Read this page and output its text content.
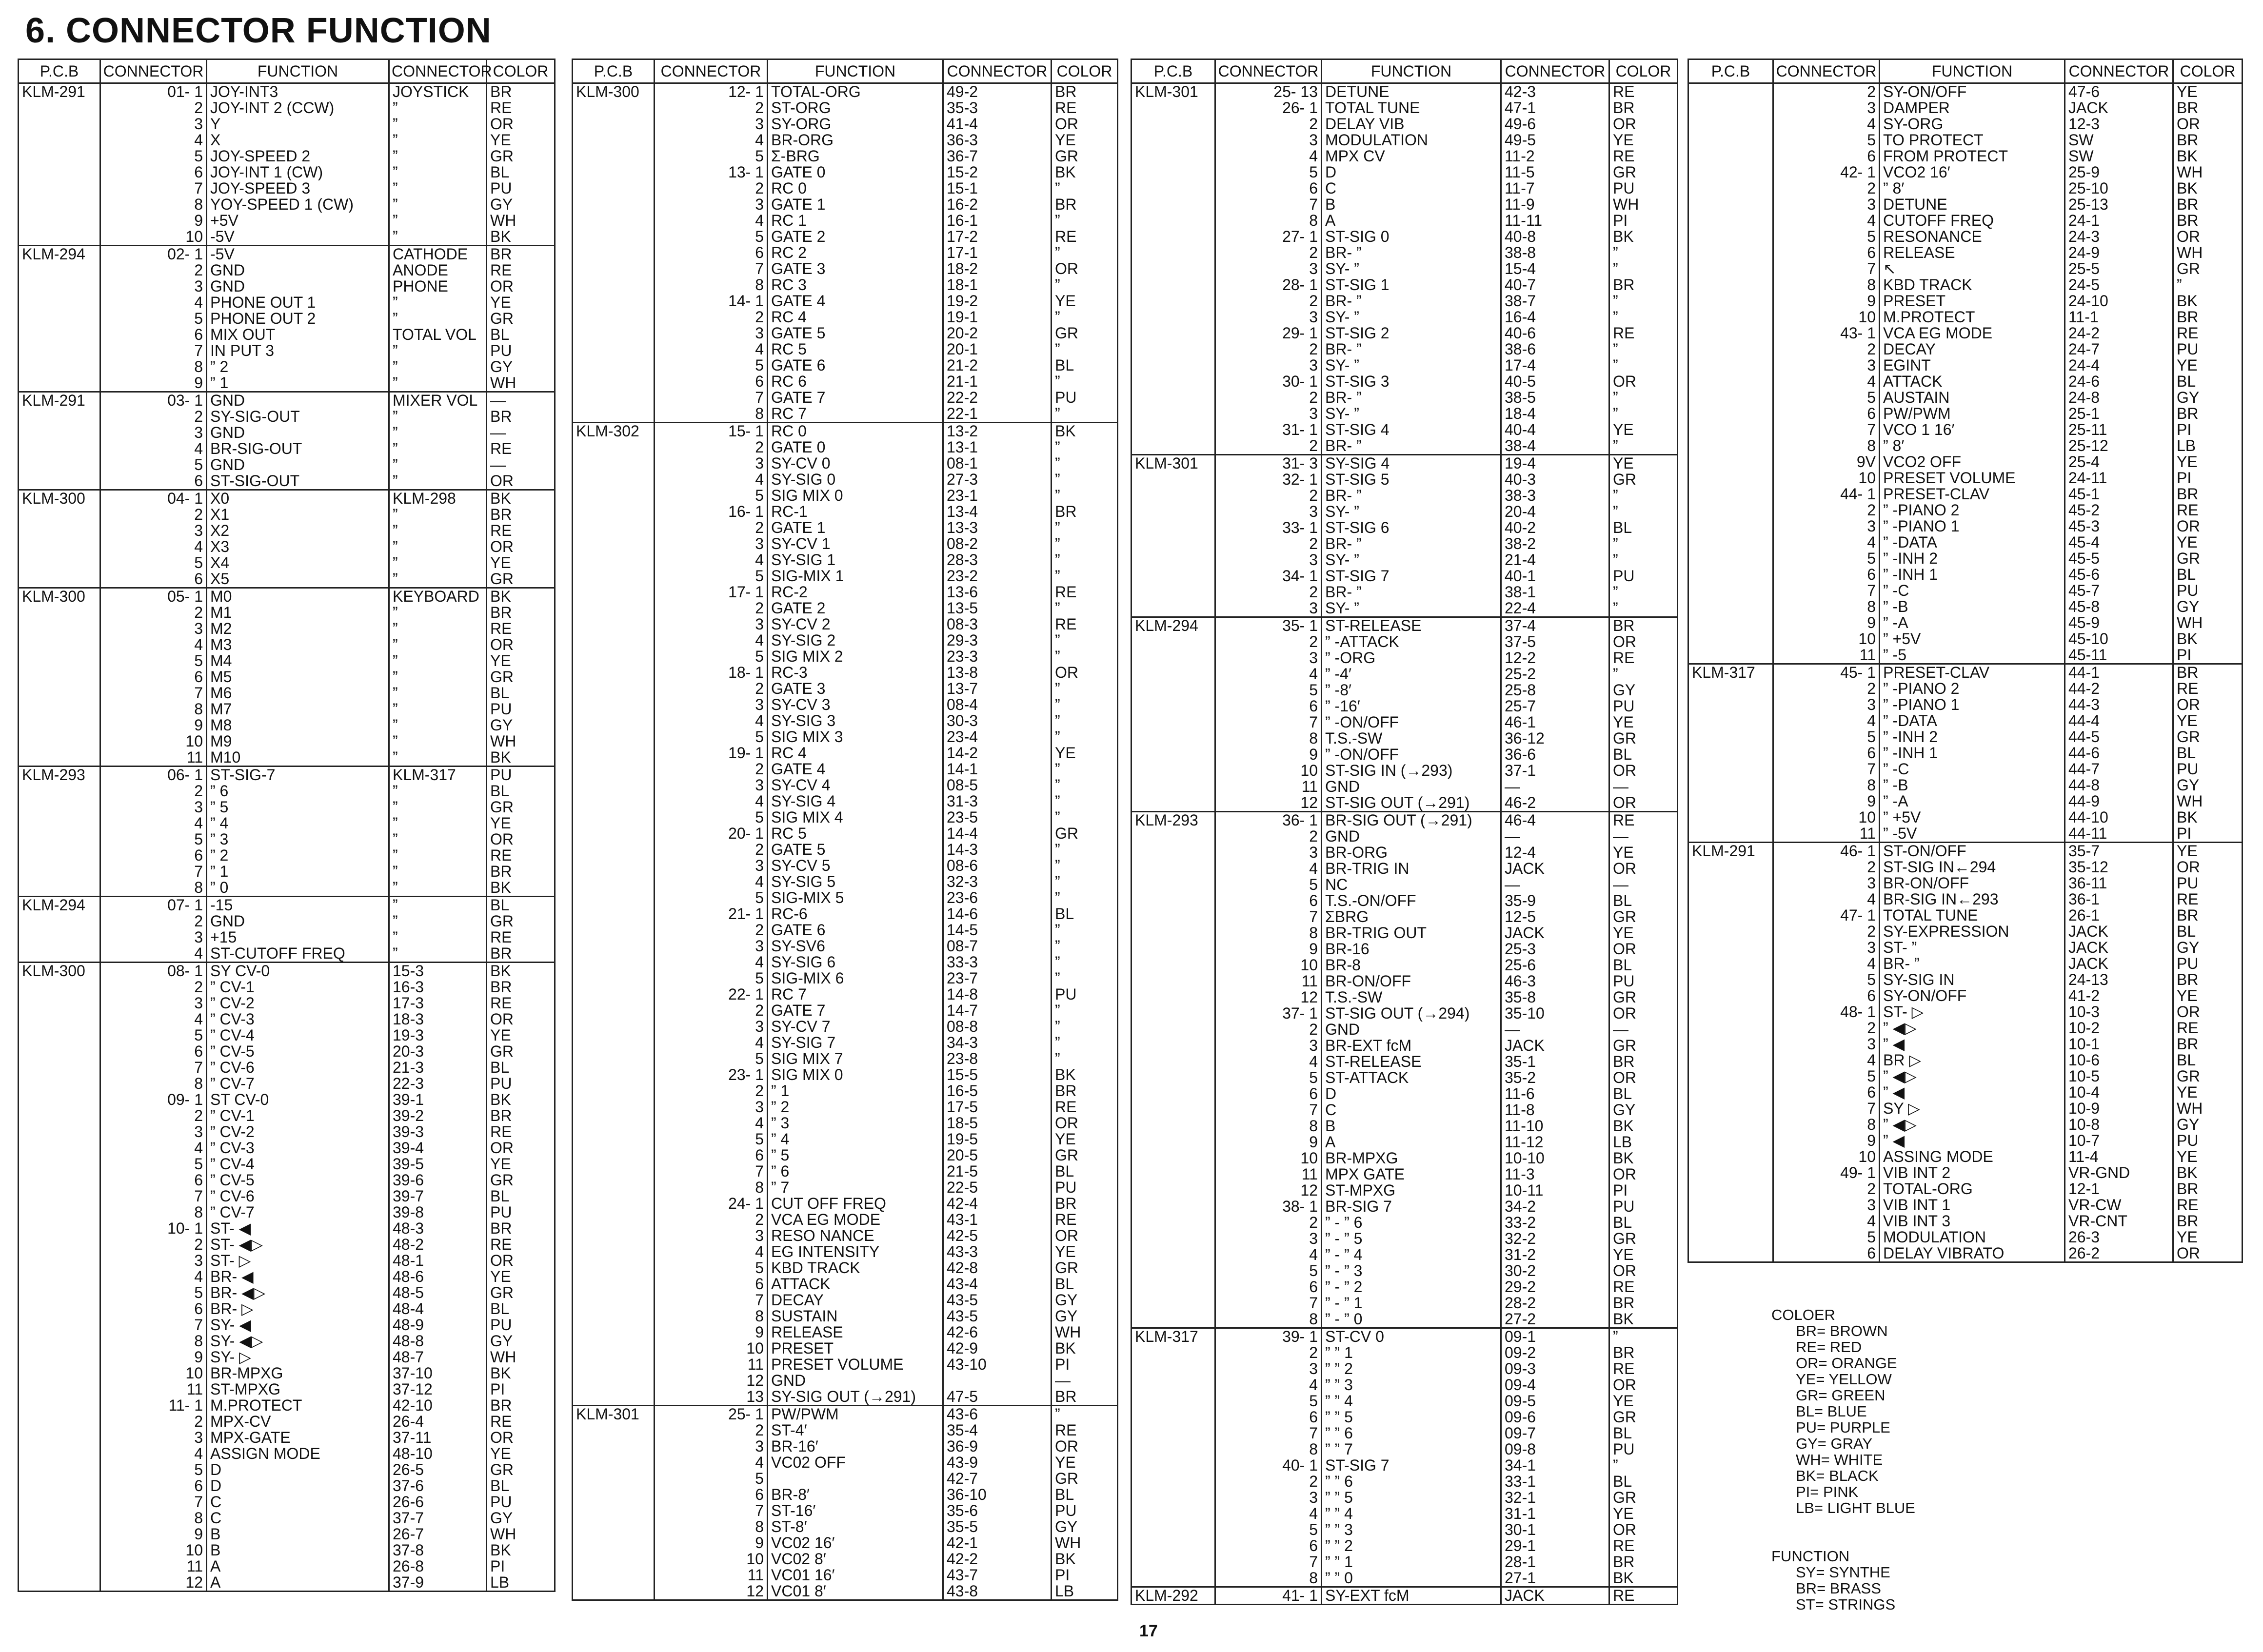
6. CONNECTOR FUNCTION
P.C.B	CONNECTOR	FUNCTION	CONNECTOR	COLOR
KLM-291	01- 1	JOY-INT3	JOYSTICK	BR
	2	JOY-INT 2 (CCW)	”	RE
	3	Y	”	OR
	4	X	”	YE
	5	JOY-SPEED 2	”	GR
	6	JOY-INT 1 (CW)	”	BL
	7	JOY-SPEED 3	”	PU
	8	YOY-SPEED 1 (CW)	”	GY
	9	+5V	”	WH
	10	-5V	”	BK
KLM-294	02- 1	-5V	CATHODE	BR
	2	GND	ANODE	RE
	3	GND	PHONE	OR
	4	PHONE OUT 1	”	YE
	5	PHONE OUT 2	”	GR
	6	MIX OUT	TOTAL VOL	BL
	7	IN PUT 3	”	PU
	8	” 2	”	GY
	9	” 1	”	WH
KLM-291	03- 1	GND	MIXER VOL	—
	2	SY-SIG-OUT	”	BR
	3	GND	”	—
	4	BR-SIG-OUT	”	RE
	5	GND	”	—
	6	ST-SIG-OUT	”	OR
KLM-300	04- 1	X0	KLM-298	BK
	2	X1	”	BR
	3	X2	”	RE
	4	X3	”	OR
	5	X4	”	YE
	6	X5	”	GR
KLM-300	05- 1	M0	KEYBOARD	BK
	2	M1	”	BR
	3	M2	”	RE
	4	M3	”	OR
	5	M4	”	YE
	6	M5	”	GR
	7	M6	”	BL
	8	M7	”	PU
	9	M8	”	GY
	10	M9	”	WH
	11	M10	”	BK
KLM-293	06- 1	ST-SIG-7	KLM-317	PU
	2	” 6	”	BL
	3	” 5	”	GR
	4	” 4	”	YE
	5	” 3	”	OR
	6	” 2	”	RE
	7	” 1	”	BR
	8	” 0	”	BK
KLM-294	07- 1	-15	”	BL
	2	GND	”	GR
	3	+15	”	RE
	4	ST-CUTOFF FREQ	”	BR
KLM-300	08- 1	SY CV-0	15-3	BK
	2	” CV-1	16-3	BR
	3	” CV-2	17-3	RE
	4	” CV-3	18-3	OR
	5	” CV-4	19-3	YE
	6	” CV-5	20-3	GR
	7	” CV-6	21-3	BL
	8	” CV-7	22-3	PU
	09- 1	ST CV-0	39-1	BK
	2	” CV-1	39-2	BR
	3	” CV-2	39-3	RE
	4	” CV-3	39-4	OR
	5	” CV-4	39-5	YE
	6	” CV-5	39-6	GR
	7	” CV-6	39-7	BL
	8	” CV-7	39-8	PU
	10- 1	ST- ◀	48-3	BR
	2	ST- ◀▷	48-2	RE
	3	ST- ▷	48-1	OR
	4	BR- ◀	48-6	YE
	5	BR- ◀▷	48-5	GR
	6	BR- ▷	48-4	BL
	7	SY- ◀	48-9	PU
	8	SY- ◀▷	48-8	GY
	9	SY- ▷	48-7	WH
	10	BR-MPXG	37-10	BK
	11	ST-MPXG	37-12	PI
	11- 1	M.PROTECT	42-10	BR
	2	MPX-CV	26-4	RE
	3	MPX-GATE	37-11	OR
	4	ASSIGN MODE	48-10	YE
	5	D	26-5	GR
	6	D	37-6	BL
	7	C	26-6	PU
	8	C	37-7	GY
	9	B	26-7	WH
	10	B	37-8	BK
	11	A	26-8	PI
	12	A	37-9	LB
P.C.B	CONNECTOR	FUNCTION	CONNECTOR	COLOR
KLM-300	12- 1	TOTAL-ORG	49-2	BR
	2	ST-ORG	35-3	RE
	3	SY-ORG	41-4	OR
	4	BR-ORG	36-3	YE
	5	Σ-BRG	36-7	GR
	13- 1	GATE 0	15-2	BK
	2	RC 0	15-1	”
	3	GATE 1	16-2	BR
	4	RC 1	16-1	”
	5	GATE 2	17-2	RE
	6	RC 2	17-1	”
	7	GATE 3	18-2	OR
	8	RC 3	18-1	”
	14- 1	GATE 4	19-2	YE
	2	RC 4	19-1	”
	3	GATE 5	20-2	GR
	4	RC 5	20-1	”
	5	GATE 6	21-2	BL
	6	RC 6	21-1	”
	7	GATE 7	22-2	PU
	8	RC 7	22-1	”
KLM-302	15- 1	RC 0	13-2	BK
	2	GATE 0	13-1	”
	3	SY-CV 0	08-1	”
	4	SY-SIG 0	27-3	”
	5	SIG MIX 0	23-1	”
	16- 1	RC-1	13-4	BR
	2	GATE 1	13-3	”
	3	SY-CV 1	08-2	”
	4	SY-SIG 1	28-3	”
	5	SIG-MIX 1	23-2	”
	17- 1	RC-2	13-6	RE
	2	GATE 2	13-5	”
	3	SY-CV 2	08-3	RE
	4	SY-SIG 2	29-3	”
	5	SIG MIX 2	23-3	”
	18- 1	RC-3	13-8	OR
	2	GATE 3	13-7	”
	3	SY-CV 3	08-4	”
	4	SY-SIG 3	30-3	”
	5	SIG MIX 3	23-4	”
	19- 1	RC 4	14-2	YE
	2	GATE 4	14-1	”
	3	SY-CV 4	08-5	”
	4	SY-SIG 4	31-3	”
	5	SIG MIX 4	23-5	”
	20- 1	RC 5	14-4	GR
	2	GATE 5	14-3	”
	3	SY-CV 5	08-6	”
	4	SY-SIG 5	32-3	”
	5	SIG-MIX 5	23-6	”
	21- 1	RC-6	14-6	BL
	2	GATE 6	14-5	”
	3	SY-SV6	08-7	”
	4	SY-SIG 6	33-3	”
	5	SIG-MIX 6	23-7	”
	22- 1	RC 7	14-8	PU
	2	GATE 7	14-7	”
	3	SY-CV 7	08-8	”
	4	SY-SIG 7	34-3	”
	5	SIG MIX 7	23-8	”
	23- 1	SIG MIX 0	15-5	BK
	2	” 1	16-5	BR
	3	” 2	17-5	RE
	4	” 3	18-5	OR
	5	” 4	19-5	YE
	6	” 5	20-5	GR
	7	” 6	21-5	BL
	8	” 7	22-5	PU
	24- 1	CUT OFF FREQ	42-4	BR
	2	VCA EG MODE	43-1	RE
	3	RESO NANCE	42-5	OR
	4	EG INTENSITY	43-3	YE
	5	KBD TRACK	42-8	GR
	6	ATTACK	43-4	BL
	7	DECAY	43-5	GY
	8	SUSTAIN	43-5	GY
	9	RELEASE	42-6	WH
	10	PRESET	42-9	BK
	11	PRESET VOLUME	43-10	PI
	12	GND		—
	13	SY-SIG OUT (→291)	47-5	BR
KLM-301	25- 1	PW/PWM	43-6	”
	2	ST-4′	35-4	RE
	3	BR-16′	36-9	OR
	4	VC02 OFF	43-9	YE
	5		42-7	GR
	6	BR-8′	36-10	BL
	7	ST-16′	35-6	PU
	8	ST-8′	35-5	GY
	9	VC02 16′	42-1	WH
	10	VC02 8′	42-2	BK
	11	VC01 16′	43-7	PI
	12	VC01 8′	43-8	LB
P.C.B	CONNECTOR	FUNCTION	CONNECTOR	COLOR
KLM-301	25- 13	DETUNE	42-3	RE
	26- 1	TOTAL TUNE	47-1	BR
	2	DELAY VIB	49-6	OR
	3	MODULATION	49-5	YE
	4	MPX CV	11-2	RE
	5	D	11-5	GR
	6	C	11-7	PU
	7	B	11-9	WH
	8	A	11-11	PI
	27- 1	ST-SIG 0	40-8	BK
	2	BR- ”	38-8	”
	3	SY- ”	15-4	”
	28- 1	ST-SIG 1	40-7	BR
	2	BR- ”	38-7	”
	3	SY- ”	16-4	”
	29- 1	ST-SIG 2	40-6	RE
	2	BR- ”	38-6	”
	3	SY- ”	17-4	”
	30- 1	ST-SIG 3	40-5	OR
	2	BR- ”	38-5	”
	3	SY- ”	18-4	”
	31- 1	ST-SIG 4	40-4	YE
	2	BR- ”	38-4	”
KLM-301	31- 3	SY-SIG 4	19-4	YE
	32- 1	ST-SIG 5	40-3	GR
	2	BR- ”	38-3	”
	3	SY- ”	20-4	”
	33- 1	ST-SIG 6	40-2	BL
	2	BR- ”	38-2	”
	3	SY- ”	21-4	”
	34- 1	ST-SIG 7	40-1	PU
	2	BR- ”	38-1	”
	3	SY- ”	22-4	”
KLM-294	35- 1	ST-RELEASE	37-4	BR
	2	” -ATTACK	37-5	OR
	3	” -ORG	12-2	RE
	4	” -4′	25-2	”
	5	” -8′	25-8	GY
	6	” -16′	25-7	PU
	7	” -ON/OFF	46-1	YE
	8	T.S.-SW	36-12	GR
	9	” -ON/OFF	36-6	BL
	10	ST-SIG IN (→293)	37-1	OR
	11	GND	—	—
	12	ST-SIG OUT (→291)	46-2	OR
KLM-293	36- 1	BR-SIG OUT (→291)	46-4	RE
	2	GND	—	—
	3	BR-ORG	12-4	YE
	4	BR-TRIG IN	JACK	OR
	5	NC	—	—
	6	T.S.-ON/OFF	35-9	BL
	7	ΣBRG	12-5	GR
	8	BR-TRIG OUT	JACK	YE
	9	BR-16	25-3	OR
	10	BR-8	25-6	BL
	11	BR-ON/OFF	46-3	PU
	12	T.S.-SW	35-8	GR
	37- 1	ST-SIG OUT (→294)	35-10	OR
	2	GND	—	—
	3	BR-EXT fcM	JACK	GR
	4	ST-RELEASE	35-1	BR
	5	ST-ATTACK	35-2	OR
	6	D	11-6	BL
	7	C	11-8	GY
	8	B	11-10	BK
	9	A	11-12	LB
	10	BR-MPXG	10-10	BK
	11	MPX GATE	11-3	OR
	12	ST-MPXG	10-11	PI
	38- 1	BR-SIG 7	34-2	PU
	2	” - ” 6	33-2	BL
	3	” - ” 5	32-2	GR
	4	” - ” 4	31-2	YE
	5	” - ” 3	30-2	OR
	6	” - ” 2	29-2	RE
	7	” - ” 1	28-2	BR
	8	” - ” 0	27-2	BK
KLM-317	39- 1	ST-CV 0	09-1	”
	2	” ” 1	09-2	BR
	3	” ” 2	09-3	RE
	4	” ” 3	09-4	OR
	5	” ” 4	09-5	YE
	6	” ” 5	09-6	GR
	7	” ” 6	09-7	BL
	8	” ” 7	09-8	PU
	40- 1	ST-SIG 7	34-1	”
	2	” ” 6	33-1	BL
	3	” ” 5	32-1	GR
	4	” ” 4	31-1	YE
	5	” ” 3	30-1	OR
	6	” ” 2	29-1	RE
	7	” ” 1	28-1	BR
	8	” ” 0	27-1	BK
KLM-292	41- 1	SY-EXT fcM	JACK	RE
P.C.B	CONNECTOR	FUNCTION	CONNECTOR	COLOR
	2	SY-ON/OFF	47-6	YE
	3	DAMPER	JACK	BR
	4	SY-ORG	12-3	OR
	5	TO PROTECT	SW	BR
	6	FROM PROTECT	SW	BK
	42- 1	VCO2 16′	25-9	WH
	2	” 8′	25-10	BK
	3	DETUNE	25-13	BR
	4	CUTOFF FREQ	24-1	BR
	5	RESONANCE	24-3	OR
	6	RELEASE	24-9	WH
	7	↖	25-5	GR
	8	KBD TRACK	24-5	”
	9	PRESET	24-10	BK
	10	M.PROTECT	11-1	BR
	43- 1	VCA EG MODE	24-2	RE
	2	DECAY	24-7	PU
	3	EGINT	24-4	YE
	4	ATTACK	24-6	BL
	5	AUSTAIN	24-8	GY
	6	PW/PWM	25-1	BR
	7	VCO 1 16′	25-11	PI
	8	” 8′	25-12	LB
	9V	VCO2 OFF	25-4	YE
	10	PRESET VOLUME	24-11	PI
	44- 1	PRESET-CLAV	45-1	BR
	2	” -PIANO 2	45-2	RE
	3	” -PIANO 1	45-3	OR
	4	” -DATA	45-4	YE
	5	” -INH 2	45-5	GR
	6	” -INH 1	45-6	BL
	7	” -C	45-7	PU
	8	” -B	45-8	GY
	9	” -A	45-9	WH
	10	” +5V	45-10	BK
	11	” -5	45-11	PI
KLM-317	45- 1	PRESET-CLAV	44-1	BR
	2	” -PIANO 2	44-2	RE
	3	” -PIANO 1	44-3	OR
	4	” -DATA	44-4	YE
	5	” -INH 2	44-5	GR
	6	” -INH 1	44-6	BL
	7	” -C	44-7	PU
	8	” -B	44-8	GY
	9	” -A	44-9	WH
	10	” +5V	44-10	BK
	11	” -5V	44-11	PI
KLM-291	46- 1	ST-ON/OFF	35-7	YE
	2	ST-SIG IN←294	35-12	OR
	3	BR-ON/OFF	36-11	PU
	4	BR-SIG IN←293	36-1	RE
	47- 1	TOTAL TUNE	26-1	BR
	2	SY-EXPRESSION	JACK	BL
	3	ST- ”	JACK	GY
	4	BR- ”	JACK	PU
	5	SY-SIG IN	24-13	BR
	6	SY-ON/OFF	41-2	YE
	48- 1	ST- ▷	10-3	OR
	2	” ◀▷	10-2	RE
	3	” ◀	10-1	BR
	4	BR ▷	10-6	BL
	5	” ◀▷	10-5	GR
	6	” ◀	10-4	YE
	7	SY ▷	10-9	WH
	8	” ◀▷	10-8	GY
	9	” ◀	10-7	PU
	10	ASSING MODE	11-4	YE
	49- 1	VIB INT 2	VR-GND	BK
	2	TOTAL-ORG	12-1	BR
	3	VIB INT 1	VR-CW	RE
	4	VIB INT 3	VR-CNT	BR
	5	MODULATION	26-3	YE
	6	DELAY VIBRATO	26-2	OR
COLOER
BR= BROWN
RE= RED
OR= ORANGE
YE= YELLOW
GR= GREEN
BL= BLUE
PU= PURPLE
GY= GRAY
WH= WHITE
BK= BLACK
PI= PINK
LB= LIGHT BLUE
FUNCTION
SY= SYNTHE
BR= BRASS
ST= STRINGS
17
